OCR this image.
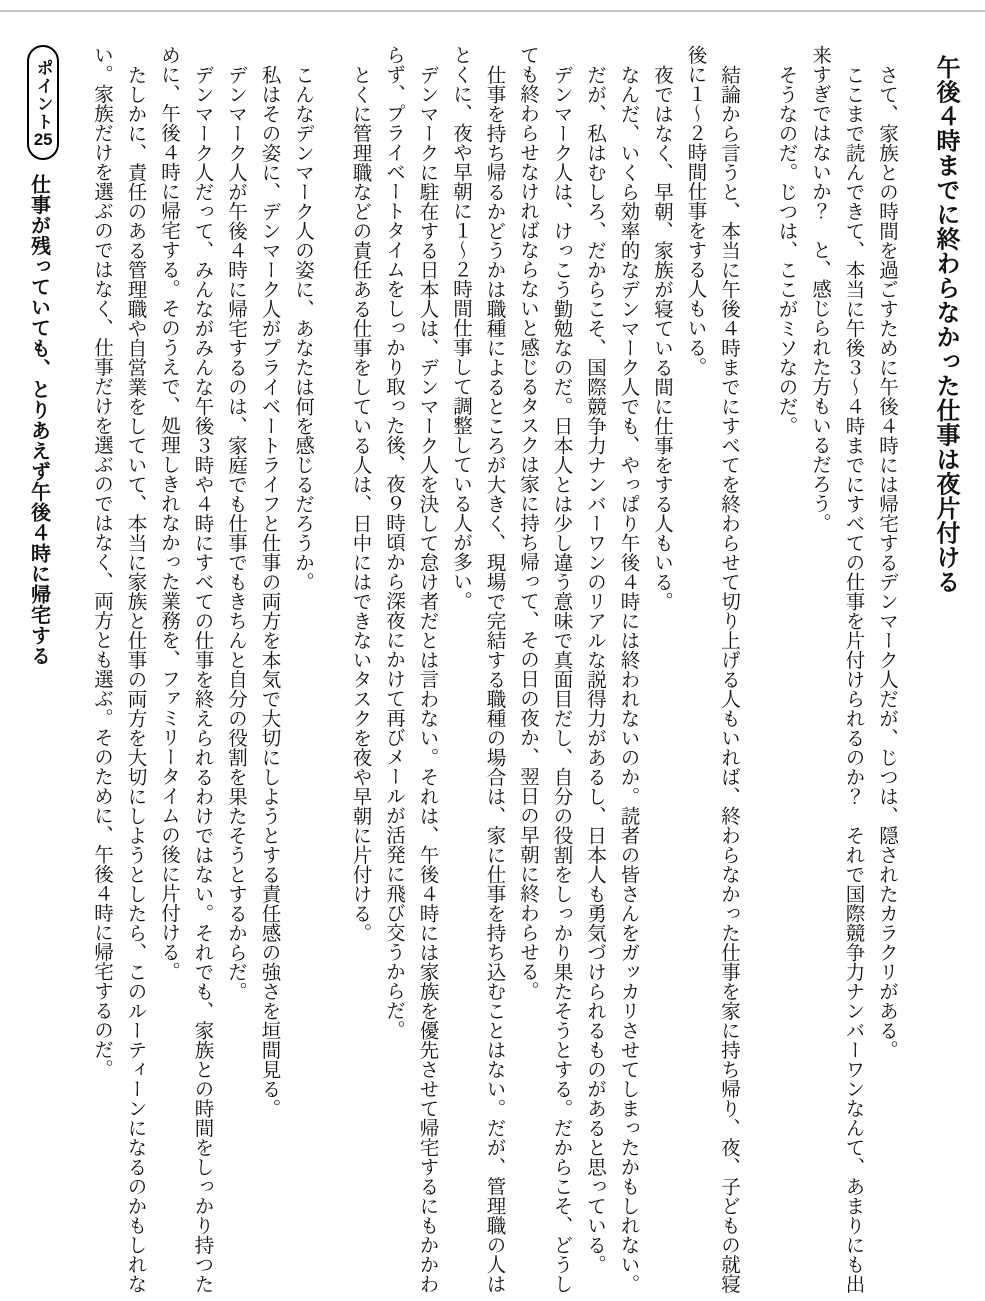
午後４時までに終わらなかった仕事は夜片付ける

さて、家族との時間を過ごすために午後４時には帰宅するデンマーク人だが、じつは、隠されたカラクリがある。

ここまで読んできて、本当に午後３〜４時までにすべての仕事を片付けられるのか？　それで国際競争力ナンバーワンなんて、あまりにも出来すぎではないか？　と、感じられた方もいるだろう。

そうなのだ。じつは、ここがミソなのだ。

結論から言うと、本当に午後４時までにすべてを終わらせて切り上げる人もいれば、終わらなかった仕事を家に持ち帰り、夜、子どもの就寝後に１〜２時間仕事をする人もいる。

夜ではなく、早朝、家族が寝ている間に仕事をする人もいる。

なんだ、いくら効率的なデンマーク人でも、やっぱり午後４時には終われないのか。読者の皆さんをガッカリさせてしまったかもしれない。

だが、私はむしろ、だからこそ、国際競争力ナンバーワンのリアルな説得力があるし、日本人も勇気づけられるものがあると思っている。

デンマーク人は、けっこう勤勉なのだ。日本人とは少し違う意味で真面目だし、自分の役割をしっかり果たそうとする。だからこそ、どうしても終わらせなければならないと感じるタスクは家に持ち帰って、その日の夜か、翌日の早朝に終わらせる。

仕事を持ち帰るかどうかは職種によるところが大きく、現場で完結する職種の場合は、家に仕事を持ち込むことはない。だが、管理職の人はとくに、夜や早朝に１〜２時間仕事して調整している人が多い。

デンマークに駐在する日本人は、デンマーク人を決して怠け者だとは言わない。それは、午後４時には家族を優先させて帰宅するにもかかわらず、プライベートタイムをしっかり取った後、夜９時頃から深夜にかけて再びメールが活発に飛び交うからだ。

とくに管理職などの責任ある仕事をしている人は、日中にはできないタスクを夜や早朝に片付ける。

こんなデンマーク人の姿に、あなたは何を感じるだろうか。

私はその姿に、デンマーク人がプライベートライフと仕事の両方を本気で大切にしようとする責任感の強さを垣間見る。

デンマーク人が午後４時に帰宅するのは、家庭でも仕事でもきちんと自分の役割を果たそうとするからだ。

デンマーク人だって、みんながみんな午後３時や４時にすべての仕事を終えられるわけではない。それでも、家族との時間をしっかり持つために、午後４時に帰宅する。そのうえで、処理しきれなかった業務を、ファミリータイムの後に片付ける。

たしかに、責任のある管理職や自営業をしていて、本当に家族と仕事の両方を大切にしようとしたら、このルーティーンになるのかもしれない。家族だけを選ぶのではなく、仕事だけを選ぶのではなく、両方とも選ぶ。そのために、午後４時に帰宅するのだ。

ポイント25仕事が残っていても、とりあえず午後４時に帰宅する
